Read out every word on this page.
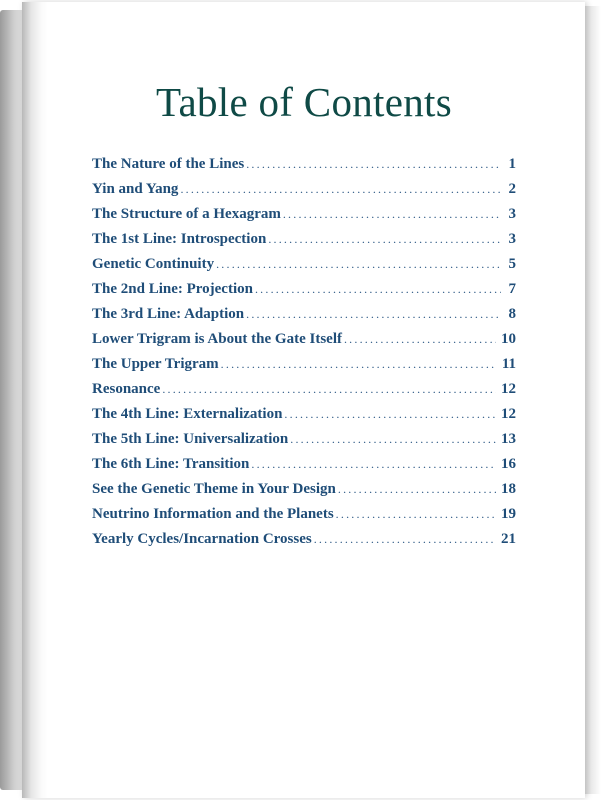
Table of Contents
The Nature of the Lines .....	1
Yin and Yang .....	2
The Structure of a Hexagram .....	3
The 1st Line: Introspection .....	3
Genetic Continuity .....	5
The 2nd Line: Projection .....	7
The 3rd Line: Adaption .....	8
Lower Trigram is About the Gate Itself .....	10
The Upper Trigram .....	11
Resonance .....	12
The 4th Line: Externalization .....	12
The 5th Line: Universalization .....	13
The 6th Line: Transition .....	16
See the Genetic Theme in Your Design .....	18
Neutrino Information and the Planets .....	19
Yearly Cycles/Incarnation Crosses .....	21
